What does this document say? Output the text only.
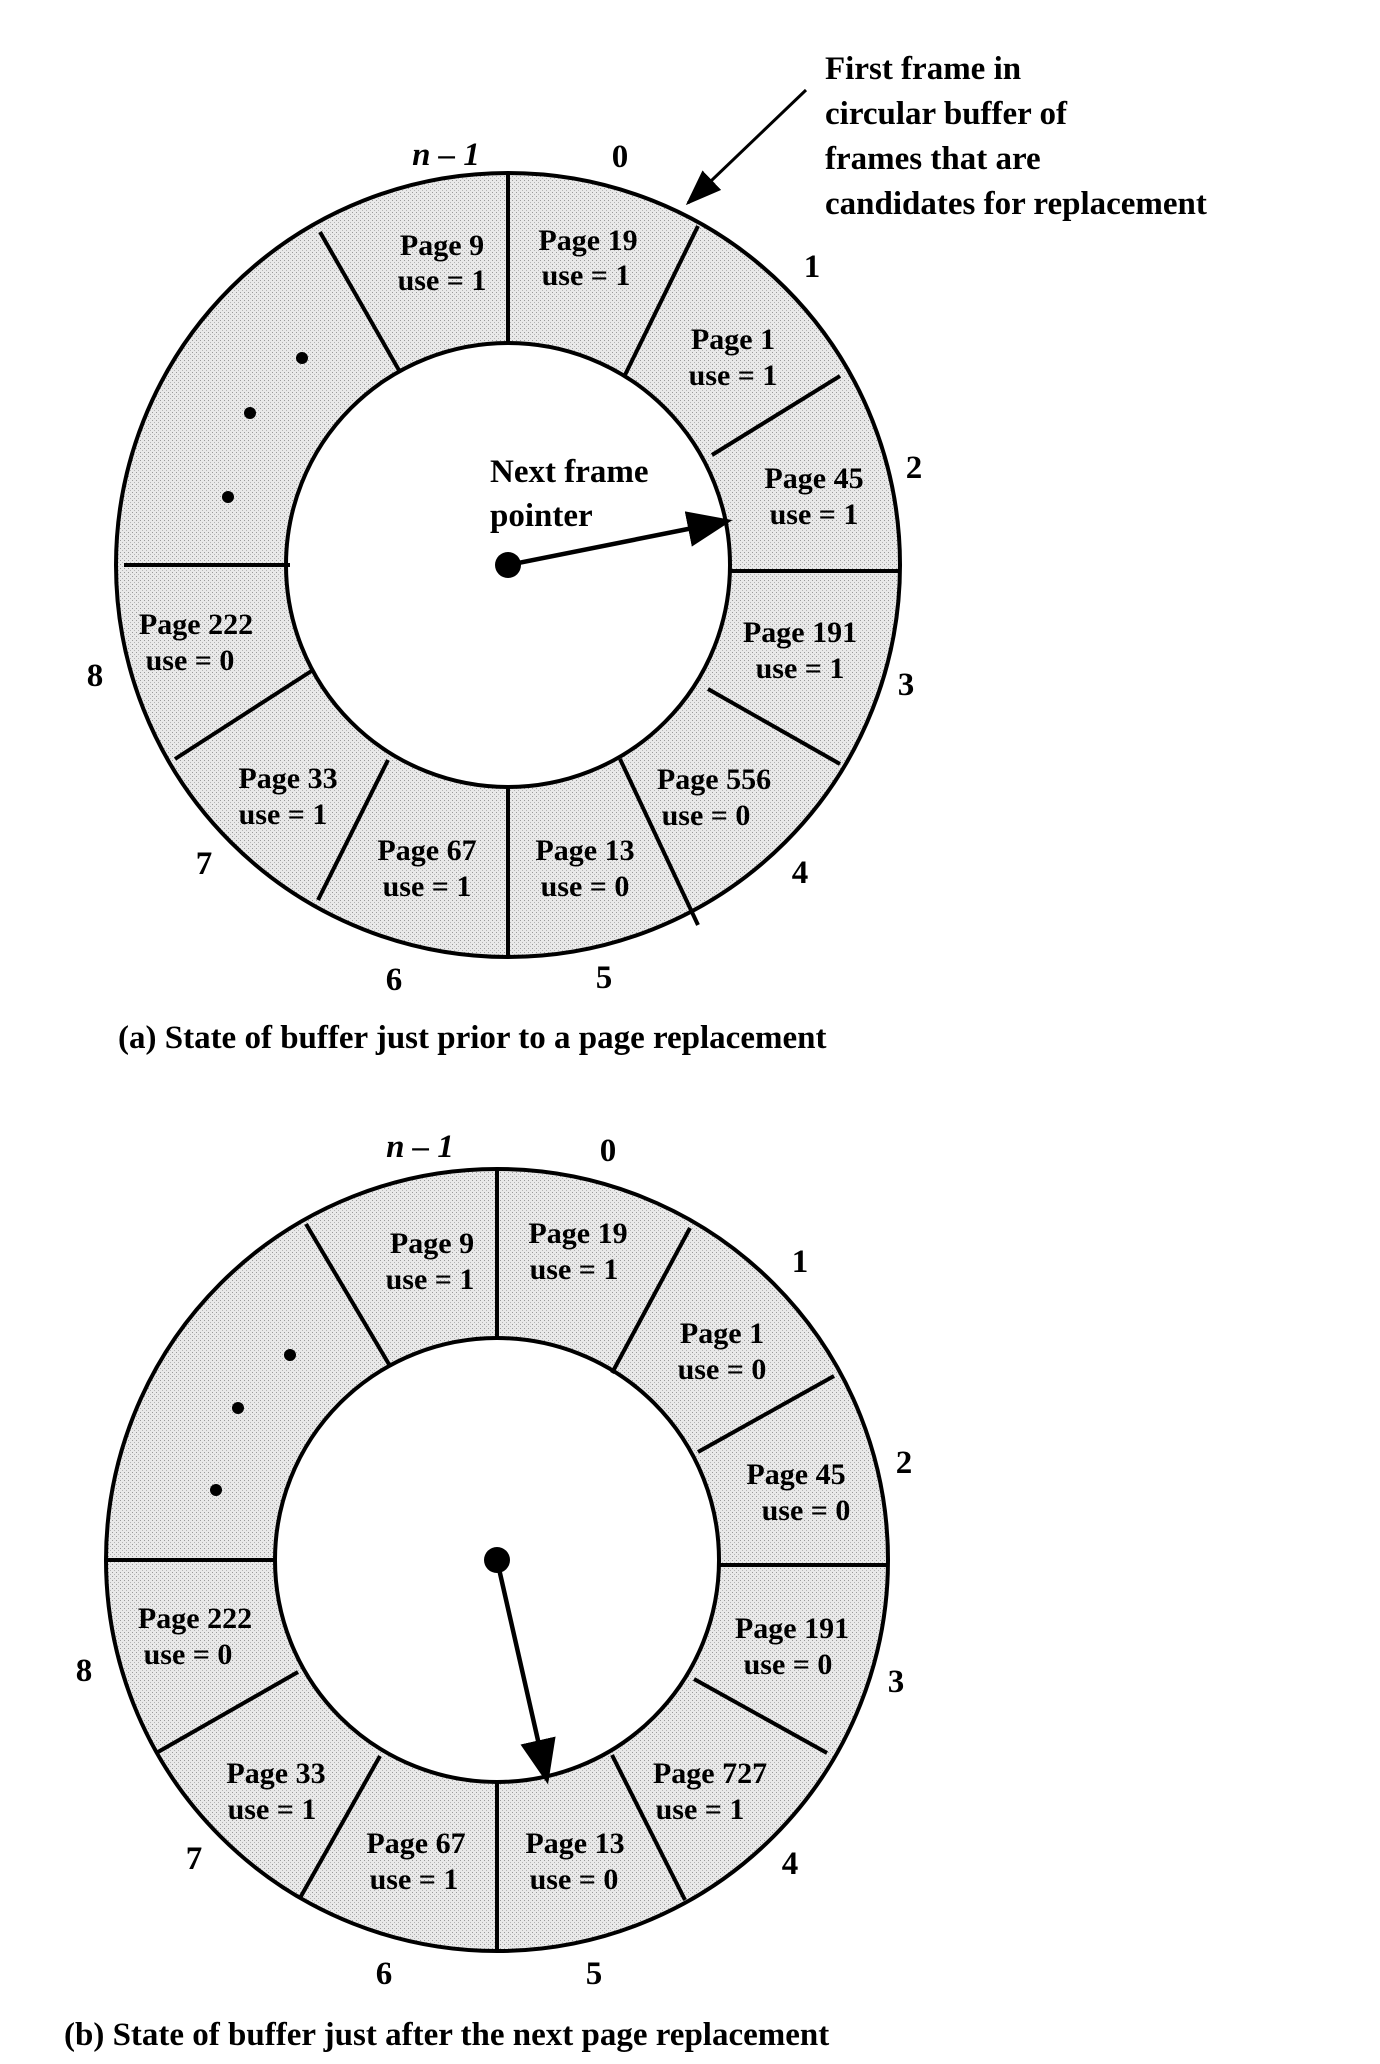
Page 9
use = 1
Page 19
use = 1
Page 1
use = 1
Page 45
use = 1
Page 191
use = 1
Page 556
use = 0
Page 13
use = 0
Page 67
use = 1
Page 33
use = 1
Page 222
use = 0
Next frame
pointer
n – 1	0
1
2
3
4
5
6
7
8
First frame in
circular buffer of
frames that are
candidates for replacement
(a) State of buffer just prior to a page replacement
Page 9
use = 1
Page 19
use = 1
Page 1
use = 0
Page 45
use = 0
Page 191
use = 0
Page 727
use = 1
Page 13
use = 0
Page 67
use = 1
Page 33
use = 1
Page 222
use = 0
n – 1	0
1
2
3
4
5
6
7
8
(b) State of buffer just after the next page replacement
